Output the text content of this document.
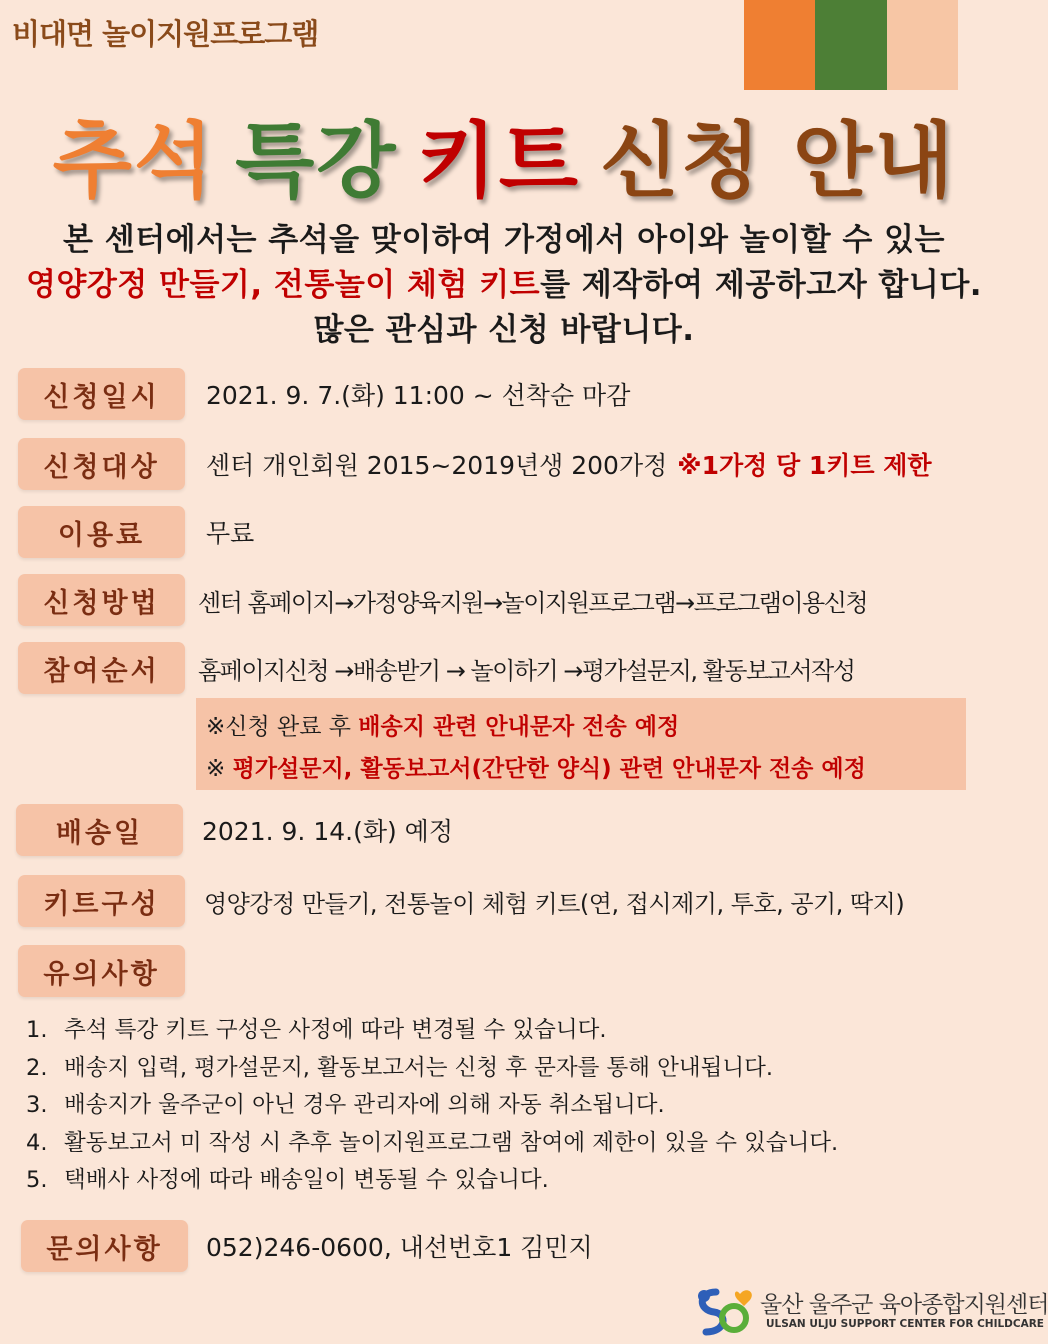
비대면 놀이지원프로그램
추석 특강 키트 신청 안내
본 센터에서는 추석을 맞이하여 가정에서 아이와 놀이할 수 있는
영양강정 만들기, 전통놀이 체험 키트를 제작하여 제공하고자 합니다.
많은 관심과 신청 바랍니다.
신청일시	2021. 9. 7.(화) 11:00 ~ 선착순 마감
신청대상	센터 개인회원 2015~2019년생 200가정 ※1가정 당 1키트 제한
이용료	무료
신청방법	센터 홈페이지→가정양육지원→놀이지원프로그램→프로그램이용신청
참여순서	홈페이지신청 →배송받기 → 놀이하기 →평가설문지, 활동보고서작성
※신청 완료 후 배송지 관련 안내문자 전송 예정
※ 평가설문지, 활동보고서(간단한 양식) 관련 안내문자 전송 예정
배송일	2021. 9. 14.(화) 예정
키트구성	영양강정 만들기, 전통놀이 체험 키트(연, 접시제기, 투호, 공기, 딱지)
유의사항
1. 추석 특강 키트 구성은 사정에 따라 변경될 수 있습니다.
2. 배송지 입력, 평가설문지, 활동보고서는 신청 후 문자를 통해 안내됩니다.
3. 배송지가 울주군이 아닌 경우 관리자에 의해 자동 취소됩니다.
4. 활동보고서 미 작성 시 추후 놀이지원프로그램 참여에 제한이 있을 수 있습니다.
5. 택배사 사정에 따라 배송일이 변동될 수 있습니다.
문의사항	052)246-0600, 내선번호1 김민지
울산 울주군 육아종합지원센터
ULSAN ULJU SUPPORT CENTER FOR CHILDCARE
